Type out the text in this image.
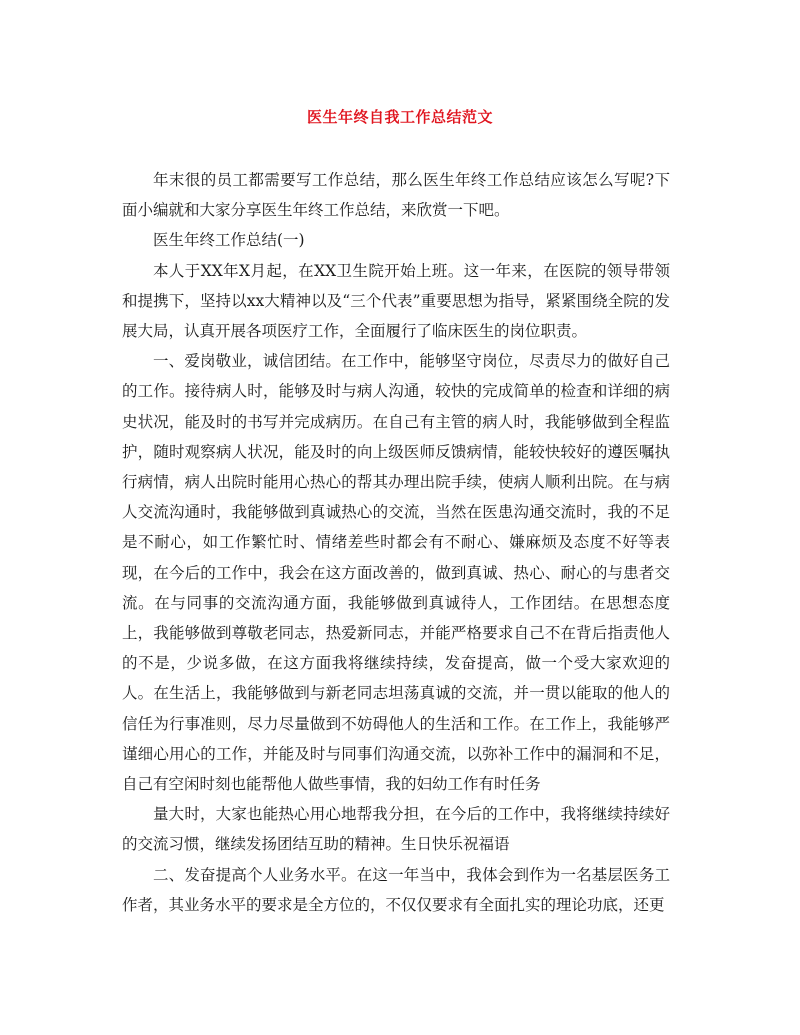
医生年终自我工作总结范文

年末很的员工都需要写工作总结，那么医生年终工作总结应该怎么写呢?下面小编就和大家分享医生年终工作总结，来欣赏一下吧。

医生年终工作总结(一)

本人于XX年X月起，在XX卫生院开始上班。这一年来，在医院的领导带领和提携下，坚持以xx大精神以及“三个代表”重要思想为指导，紧紧围绕全院的发展大局，认真开展各项医疗工作，全面履行了临床医生的岗位职责。

一、爱岗敬业，诚信团结。在工作中，能够坚守岗位，尽责尽力的做好自己的工作。接待病人时，能够及时与病人沟通，较快的完成简单的检查和详细的病史状况，能及时的书写并完成病历。在自己有主管的病人时，我能够做到全程监护，随时观察病人状况，能及时的向上级医师反馈病情，能较快较好的遵医嘱执行病情，病人出院时能用心热心的帮其办理出院手续，使病人顺利出院。在与病人交流沟通时，我能够做到真诚热心的交流，当然在医患沟通交流时，我的不足是不耐心，如工作繁忙时、情绪差些时都会有不耐心、嫌麻烦及态度不好等表现，在今后的工作中，我会在这方面改善的，做到真诚、热心、耐心的与患者交流。在与同事的交流沟通方面，我能够做到真诚待人，工作团结。在思想态度上，我能够做到尊敬老同志，热爱新同志，并能严格要求自己不在背后指责他人的不是，少说多做，在这方面我将继续持续，发奋提高，做一个受大家欢迎的人。在生活上，我能够做到与新老同志坦荡真诚的交流，并一贯以能取的他人的信任为行事准则，尽力尽量做到不妨碍他人的生活和工作。在工作上，我能够严谨细心用心的工作，并能及时与同事们沟通交流，以弥补工作中的漏洞和不足，自己有空闲时刻也能帮他人做些事情，我的妇幼工作有时任务

量大时，大家也能热心用心地帮我分担，在今后的工作中，我将继续持续好的交流习惯，继续发扬团结互助的精神。生日快乐祝福语

二、发奋提高个人业务水平。在这一年当中，我体会到作为一名基层医务工作者，其业务水平的要求是全方位的，不仅仅要求有全面扎实的理论功底，还更
